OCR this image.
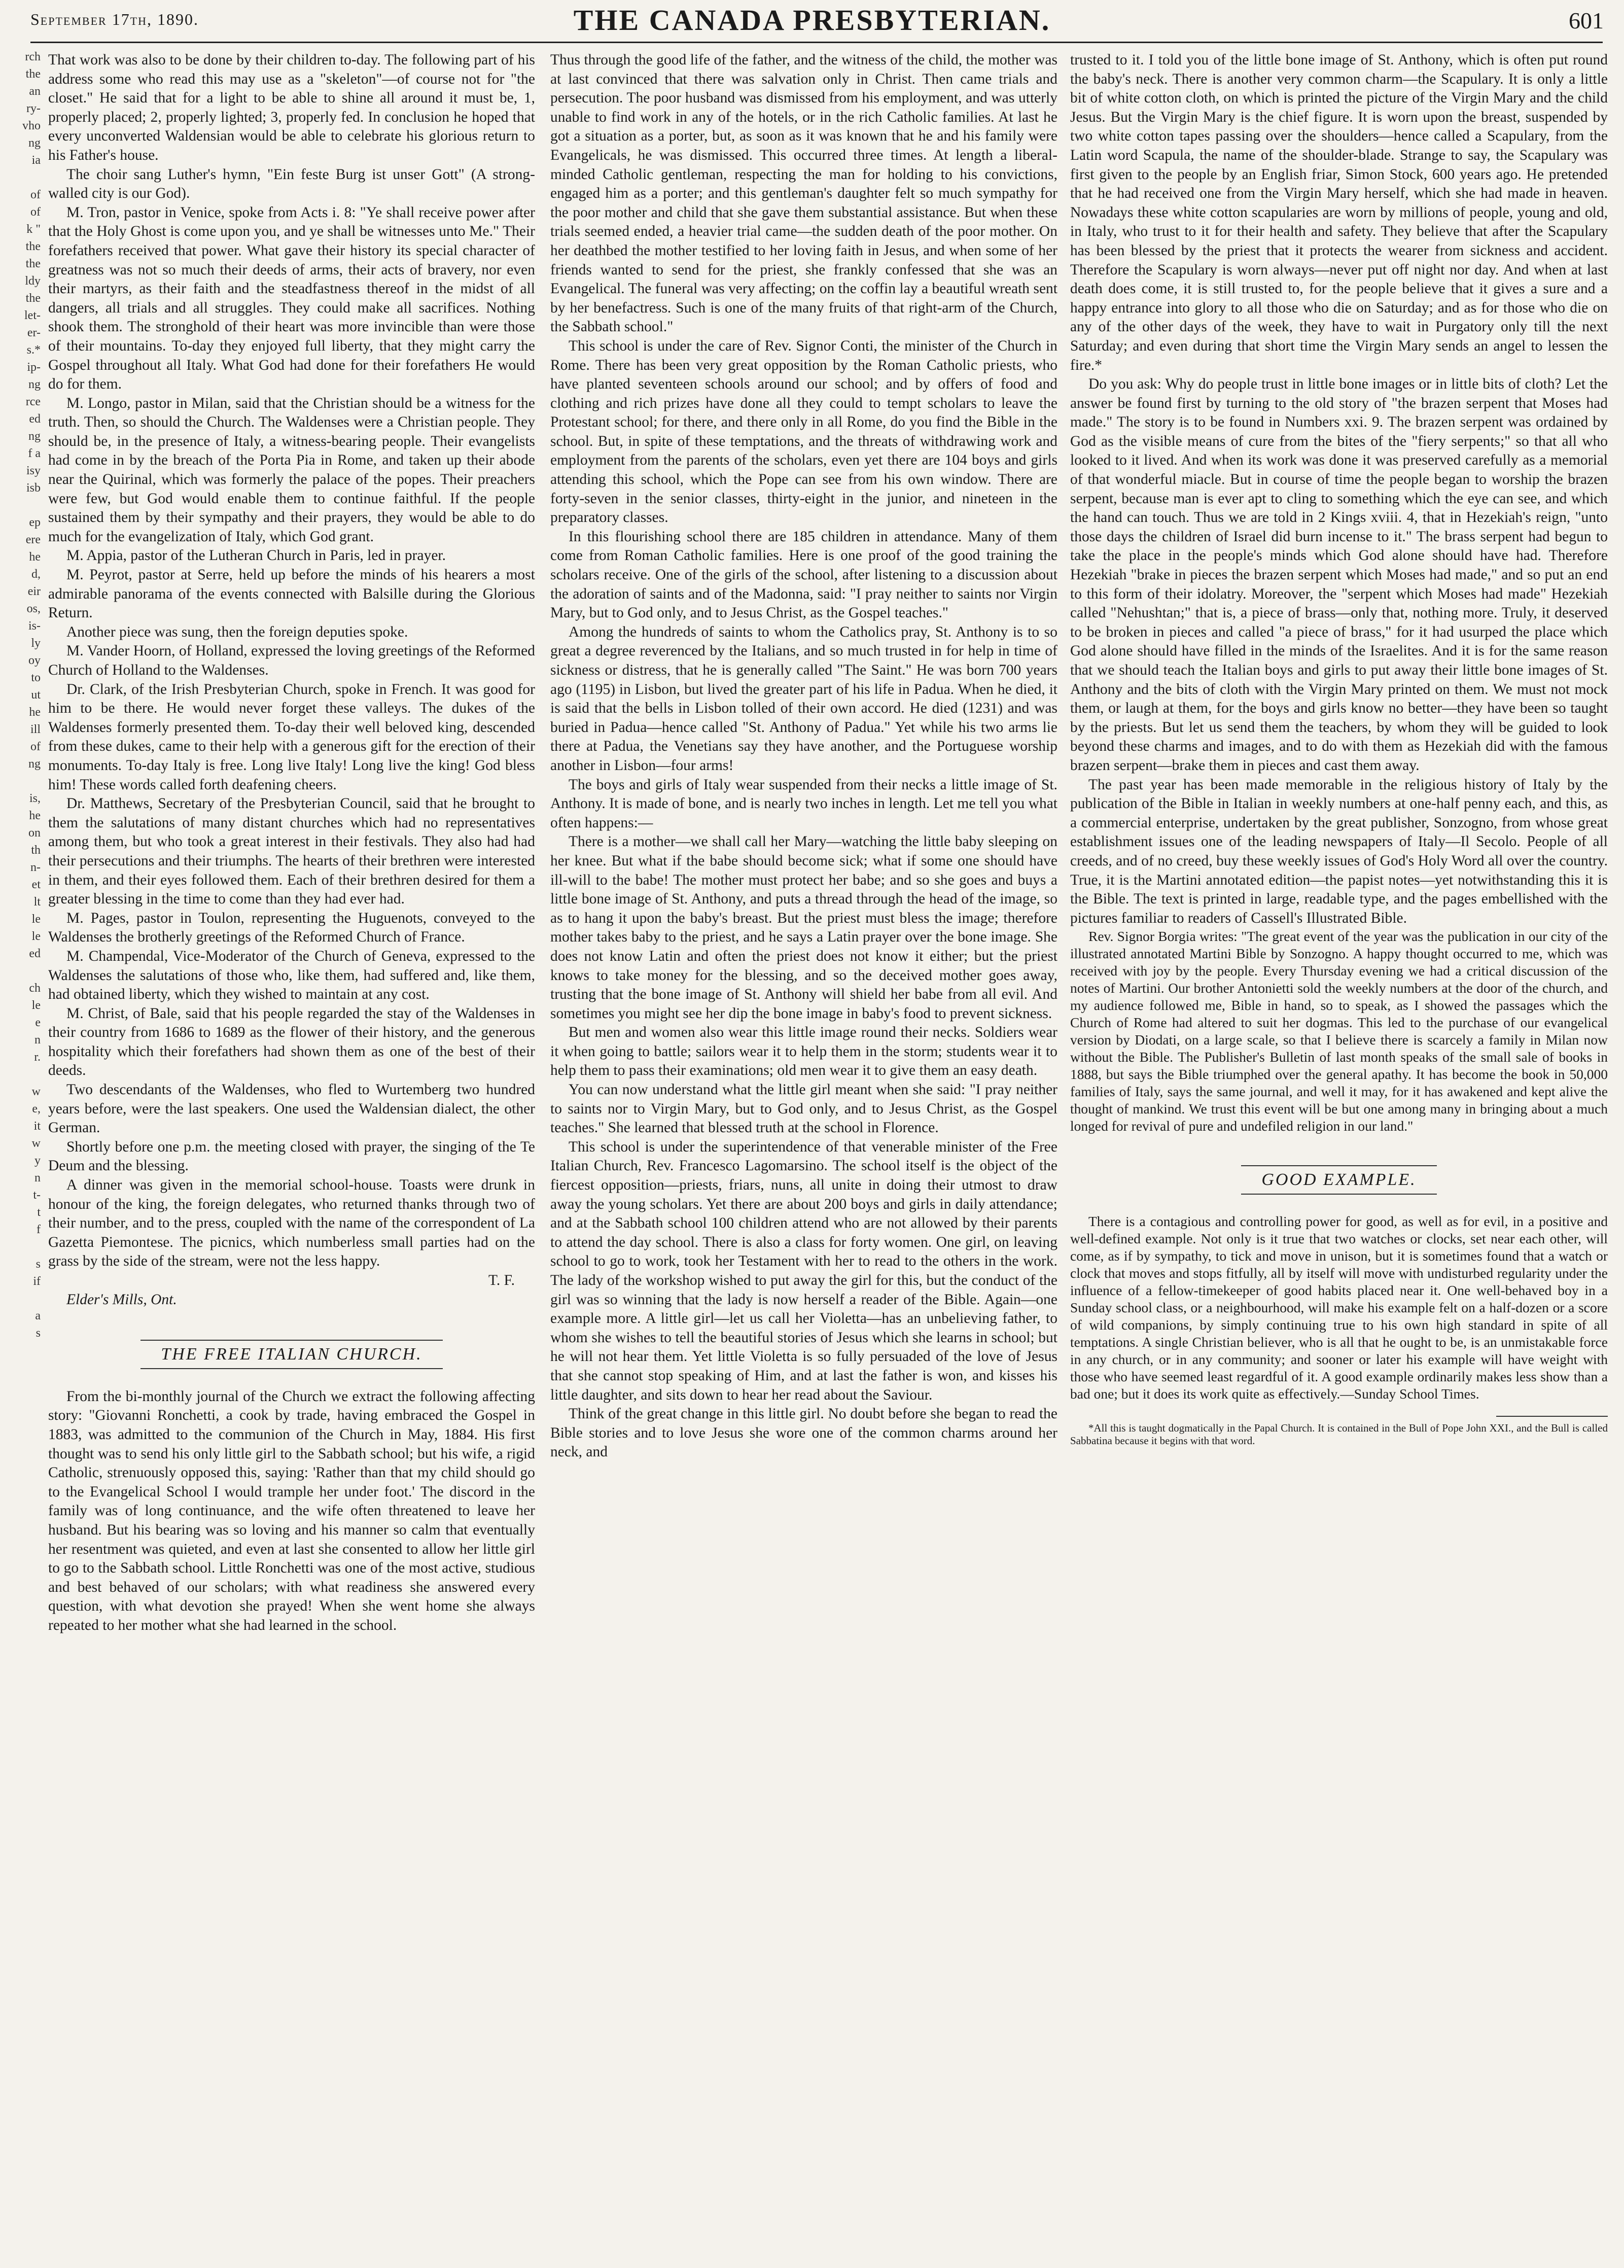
September 17th, 1890.	THE CANADA PRESBYTERIAN.	601
rch
the
an
ry-
vho
ng
ia

of
of
k "
the
the
ldy
the
let-
er-
s.*
ip-
ng
rce
ed
ng
f a
isy
isb

ep
ere
he
d,
eir
os,
is-
ly
oy
to
ut
he
ill
of
ng

is,
he
on
th
n-
et
lt
le
le
ed

ch
le
e
n
r.

w
e,
it
w
y
n
t-
t
f

s
if

a
s

That work was also to be done by their children to-day. The following part of his address some who read this may use as a "skeleton"—of course not for "the closet." He said that for a light to be able to shine all around it must be, 1, properly placed; 2, properly lighted; 3, properly fed. In conclusion he hoped that every unconverted Waldensian would be able to celebrate his glorious return to his Father's house.

The choir sang Luther's hymn, "Ein feste Burg ist unser Gott" (A strong-walled city is our God).

M. Tron, pastor in Venice, spoke from Acts i. 8: "Ye shall receive power after that the Holy Ghost is come upon you, and ye shall be witnesses unto Me." Their forefathers received that power. What gave their history its special character of greatness was not so much their deeds of arms, their acts of bravery, nor even their martyrs, as their faith and the steadfastness thereof in the midst of all dangers, all trials and all struggles. They could make all sacrifices. Nothing shook them. The stronghold of their heart was more invincible than were those of their mountains. To-day they enjoyed full liberty, that they might carry the Gospel throughout all Italy. What God had done for their forefathers He would do for them.

M. Longo, pastor in Milan, said that the Christian should be a witness for the truth. Then, so should the Church. The Waldenses were a Christian people. They should be, in the presence of Italy, a witness-bearing people. Their evangelists had come in by the breach of the Porta Pia in Rome, and taken up their abode near the Quirinal, which was formerly the palace of the popes. Their preachers were few, but God would enable them to continue faithful. If the people sustained them by their sympathy and their prayers, they would be able to do much for the evangelization of Italy, which God grant.

M. Appia, pastor of the Lutheran Church in Paris, led in prayer.

M. Peyrot, pastor at Serre, held up before the minds of his hearers a most admirable panorama of the events connected with Balsille during the Glorious Return.

Another piece was sung, then the foreign deputies spoke.

M. Vander Hoorn, of Holland, expressed the loving greetings of the Reformed Church of Holland to the Waldenses.

Dr. Clark, of the Irish Presbyterian Church, spoke in French. It was good for him to be there. He would never forget these valleys. The dukes of the Waldenses formerly presented them. To-day their well beloved king, descended from these dukes, came to their help with a generous gift for the erection of their monuments. To-day Italy is free. Long live Italy! Long live the king! God bless him! These words called forth deafening cheers.

Dr. Matthews, Secretary of the Presbyterian Council, said that he brought to them the salutations of many distant churches which had no representatives among them, but who took a great interest in their festivals. They also had had their persecutions and their triumphs. The hearts of their brethren were interested in them, and their eyes followed them. Each of their brethren desired for them a greater blessing in the time to come than they had ever had.

M. Pages, pastor in Toulon, representing the Huguenots, conveyed to the Waldenses the brotherly greetings of the Reformed Church of France.

M. Champendal, Vice-Moderator of the Church of Geneva, expressed to the Waldenses the salutations of those who, like them, had suffered and, like them, had obtained liberty, which they wished to maintain at any cost.

M. Christ, of Bale, said that his people regarded the stay of the Waldenses in their country from 1686 to 1689 as the flower of their history, and the generous hospitality which their forefathers had shown them as one of the best of their deeds.

Two descendants of the Waldenses, who fled to Wurtemberg two hundred years before, were the last speakers. One used the Waldensian dialect, the other German.

Shortly before one p.m. the meeting closed with prayer, the singing of the Te Deum and the blessing.

A dinner was given in the memorial school-house. Toasts were drunk in honour of the king, the foreign delegates, who returned thanks through two of their number, and to the press, coupled with the name of the correspondent of La Gazetta Piemontese. The picnics, which numberless small parties had on the grass by the side of the stream, were not the less happy.

T. F.

Elder's Mills, Ont.

THE FREE ITALIAN CHURCH.

From the bi-monthly journal of the Church we extract the following affecting story: "Giovanni Ronchetti, a cook by trade, having embraced the Gospel in 1883, was admitted to the communion of the Church in May, 1884. His first thought was to send his only little girl to the Sabbath school; but his wife, a rigid Catholic, strenuously opposed this, saying: 'Rather than that my child should go to the Evangelical School I would trample her under foot.' The discord in the family was of long continuance, and the wife often threatened to leave her husband. But his bearing was so loving and his manner so calm that eventually her resentment was quieted, and even at last she consented to allow her little girl to go to the Sabbath school. Little Ronchetti was one of the most active, studious and best behaved of our scholars; with what readiness she answered every question, with what devotion she prayed! When she went home she always repeated to her mother what she had learned in the school.

Thus through the good life of the father, and the witness of the child, the mother was at last convinced that there was salvation only in Christ. Then came trials and persecution. The poor husband was dismissed from his employment, and was utterly unable to find work in any of the hotels, or in the rich Catholic families. At last he got a situation as a porter, but, as soon as it was known that he and his family were Evangelicals, he was dismissed. This occurred three times. At length a liberal-minded Catholic gentleman, respecting the man for holding to his convictions, engaged him as a porter; and this gentleman's daughter felt so much sympathy for the poor mother and child that she gave them substantial assistance. But when these trials seemed ended, a heavier trial came—the sudden death of the poor mother. On her deathbed the mother testified to her loving faith in Jesus, and when some of her friends wanted to send for the priest, she frankly confessed that she was an Evangelical. The funeral was very affecting; on the coffin lay a beautiful wreath sent by her benefactress. Such is one of the many fruits of that right-arm of the Church, the Sabbath school."

This school is under the care of Rev. Signor Conti, the minister of the Church in Rome. There has been very great opposition by the Roman Catholic priests, who have planted seventeen schools around our school; and by offers of food and clothing and rich prizes have done all they could to tempt scholars to leave the Protestant school; for there, and there only in all Rome, do you find the Bible in the school. But, in spite of these temptations, and the threats of withdrawing work and employment from the parents of the scholars, even yet there are 104 boys and girls attending this school, which the Pope can see from his own window. There are forty-seven in the senior classes, thirty-eight in the junior, and nineteen in the preparatory classes.

In this flourishing school there are 185 children in attendance. Many of them come from Roman Catholic families. Here is one proof of the good training the scholars receive. One of the girls of the school, after listening to a discussion about the adoration of saints and of the Madonna, said: "I pray neither to saints nor Virgin Mary, but to God only, and to Jesus Christ, as the Gospel teaches."

Among the hundreds of saints to whom the Catholics pray, St. Anthony is to so great a degree reverenced by the Italians, and so much trusted in for help in time of sickness or distress, that he is generally called "The Saint." He was born 700 years ago (1195) in Lisbon, but lived the greater part of his life in Padua. When he died, it is said that the bells in Lisbon tolled of their own accord. He died (1231) and was buried in Padua—hence called "St. Anthony of Padua." Yet while his two arms lie there at Padua, the Venetians say they have another, and the Portuguese worship another in Lisbon—four arms!

The boys and girls of Italy wear suspended from their necks a little image of St. Anthony. It is made of bone, and is nearly two inches in length. Let me tell you what often happens:—

There is a mother—we shall call her Mary—watching the little baby sleeping on her knee. But what if the babe should become sick; what if some one should have ill-will to the babe! The mother must protect her babe; and so she goes and buys a little bone image of St. Anthony, and puts a thread through the head of the image, so as to hang it upon the baby's breast. But the priest must bless the image; therefore mother takes baby to the priest, and he says a Latin prayer over the bone image. She does not know Latin and often the priest does not know it either; but the priest knows to take money for the blessing, and so the deceived mother goes away, trusting that the bone image of St. Anthony will shield her babe from all evil. And sometimes you might see her dip the bone image in baby's food to prevent sickness.

But men and women also wear this little image round their necks. Soldiers wear it when going to battle; sailors wear it to help them in the storm; students wear it to help them to pass their examinations; old men wear it to give them an easy death.

You can now understand what the little girl meant when she said: "I pray neither to saints nor to Virgin Mary, but to God only, and to Jesus Christ, as the Gospel teaches." She learned that blessed truth at the school in Florence.

This school is under the superintendence of that venerable minister of the Free Italian Church, Rev. Francesco Lagomarsino. The school itself is the object of the fiercest opposition—priests, friars, nuns, all unite in doing their utmost to draw away the young scholars. Yet there are about 200 boys and girls in daily attendance; and at the Sabbath school 100 children attend who are not allowed by their parents to attend the day school. There is also a class for forty women. One girl, on leaving school to go to work, took her Testament with her to read to the others in the work. The lady of the workshop wished to put away the girl for this, but the conduct of the girl was so winning that the lady is now herself a reader of the Bible. Again—one example more. A little girl—let us call her Violetta—has an unbelieving father, to whom she wishes to tell the beautiful stories of Jesus which she learns in school; but he will not hear them. Yet little Violetta is so fully persuaded of the love of Jesus that she cannot stop speaking of Him, and at last the father is won, and kisses his little daughter, and sits down to hear her read about the Saviour.

Think of the great change in this little girl. No doubt before she began to read the Bible stories and to love Jesus she wore one of the common charms around her neck, and

trusted to it. I told you of the little bone image of St. Anthony, which is often put round the baby's neck. There is another very common charm—the Scapulary. It is only a little bit of white cotton cloth, on which is printed the picture of the Virgin Mary and the child Jesus. But the Virgin Mary is the chief figure. It is worn upon the breast, suspended by two white cotton tapes passing over the shoulders—hence called a Scapulary, from the Latin word Scapula, the name of the shoulder-blade. Strange to say, the Scapulary was first given to the people by an English friar, Simon Stock, 600 years ago. He pretended that he had received one from the Virgin Mary herself, which she had made in heaven. Nowadays these white cotton scapularies are worn by millions of people, young and old, in Italy, who trust to it for their health and safety. They believe that after the Scapulary has been blessed by the priest that it protects the wearer from sickness and accident. Therefore the Scapulary is worn always—never put off night nor day. And when at last death does come, it is still trusted to, for the people believe that it gives a sure and a happy entrance into glory to all those who die on Saturday; and as for those who die on any of the other days of the week, they have to wait in Purgatory only till the next Saturday; and even during that short time the Virgin Mary sends an angel to lessen the fire.*

Do you ask: Why do people trust in little bone images or in little bits of cloth? Let the answer be found first by turning to the old story of "the brazen serpent that Moses had made." The story is to be found in Numbers xxi. 9. The brazen serpent was ordained by God as the visible means of cure from the bites of the "fiery serpents;" so that all who looked to it lived. And when its work was done it was preserved carefully as a memorial of that wonderful miacle. But in course of time the people began to worship the brazen serpent, because man is ever apt to cling to something which the eye can see, and which the hand can touch. Thus we are told in 2 Kings xviii. 4, that in Hezekiah's reign, "unto those days the children of Israel did burn incense to it." The brass serpent had begun to take the place in the people's minds which God alone should have had. Therefore Hezekiah "brake in pieces the brazen serpent which Moses had made," and so put an end to this form of their idolatry. Moreover, the "serpent which Moses had made" Hezekiah called "Nehushtan;" that is, a piece of brass—only that, nothing more. Truly, it deserved to be broken in pieces and called "a piece of brass," for it had usurped the place which God alone should have filled in the minds of the Israelites. And it is for the same reason that we should teach the Italian boys and girls to put away their little bone images of St. Anthony and the bits of cloth with the Virgin Mary printed on them. We must not mock them, or laugh at them, for the boys and girls know no better—they have been so taught by the priests. But let us send them the teachers, by whom they will be guided to look beyond these charms and images, and to do with them as Hezekiah did with the famous brazen serpent—brake them in pieces and cast them away.

The past year has been made memorable in the religious history of Italy by the publication of the Bible in Italian in weekly numbers at one-half penny each, and this, as a commercial enterprise, undertaken by the great publisher, Sonzogno, from whose great establishment issues one of the leading newspapers of Italy—Il Secolo. People of all creeds, and of no creed, buy these weekly issues of God's Holy Word all over the country. True, it is the Martini annotated edition—the papist notes—yet notwithstanding this it is the Bible. The text is printed in large, readable type, and the pages embellished with the pictures familiar to readers of Cassell's Illustrated Bible.

Rev. Signor Borgia writes: "The great event of the year was the publication in our city of the illustrated annotated Martini Bible by Sonzogno. A happy thought occurred to me, which was received with joy by the people. Every Thursday evening we had a critical discussion of the notes of Martini. Our brother Antonietti sold the weekly numbers at the door of the church, and my audience followed me, Bible in hand, so to speak, as I showed the passages which the Church of Rome had altered to suit her dogmas. This led to the purchase of our evangelical version by Diodati, on a large scale, so that I believe there is scarcely a family in Milan now without the Bible. The Publisher's Bulletin of last month speaks of the small sale of books in 1888, but says the Bible triumphed over the general apathy. It has become the book in 50,000 families of Italy, says the same journal, and well it may, for it has awakened and kept alive the thought of mankind. We trust this event will be but one among many in bringing about a much longed for revival of pure and undefiled religion in our land."

GOOD EXAMPLE.

There is a contagious and controlling power for good, as well as for evil, in a positive and well-defined example. Not only is it true that two watches or clocks, set near each other, will come, as if by sympathy, to tick and move in unison, but it is sometimes found that a watch or clock that moves and stops fitfully, all by itself will move with undisturbed regularity under the influence of a fellow-timekeeper of good habits placed near it. One well-behaved boy in a Sunday school class, or a neighbourhood, will make his example felt on a half-dozen or a score of wild companions, by simply continuing true to his own high standard in spite of all temptations. A single Christian believer, who is all that he ought to be, is an unmistakable force in any church, or in any community; and sooner or later his example will have weight with those who have seemed least regardful of it. A good example ordinarily makes less show than a bad one; but it does its work quite as effectively.—Sunday School Times.

*All this is taught dogmatically in the Papal Church. It is contained in the Bull of Pope John XXI., and the Bull is called Sabbatina because it begins with that word.
